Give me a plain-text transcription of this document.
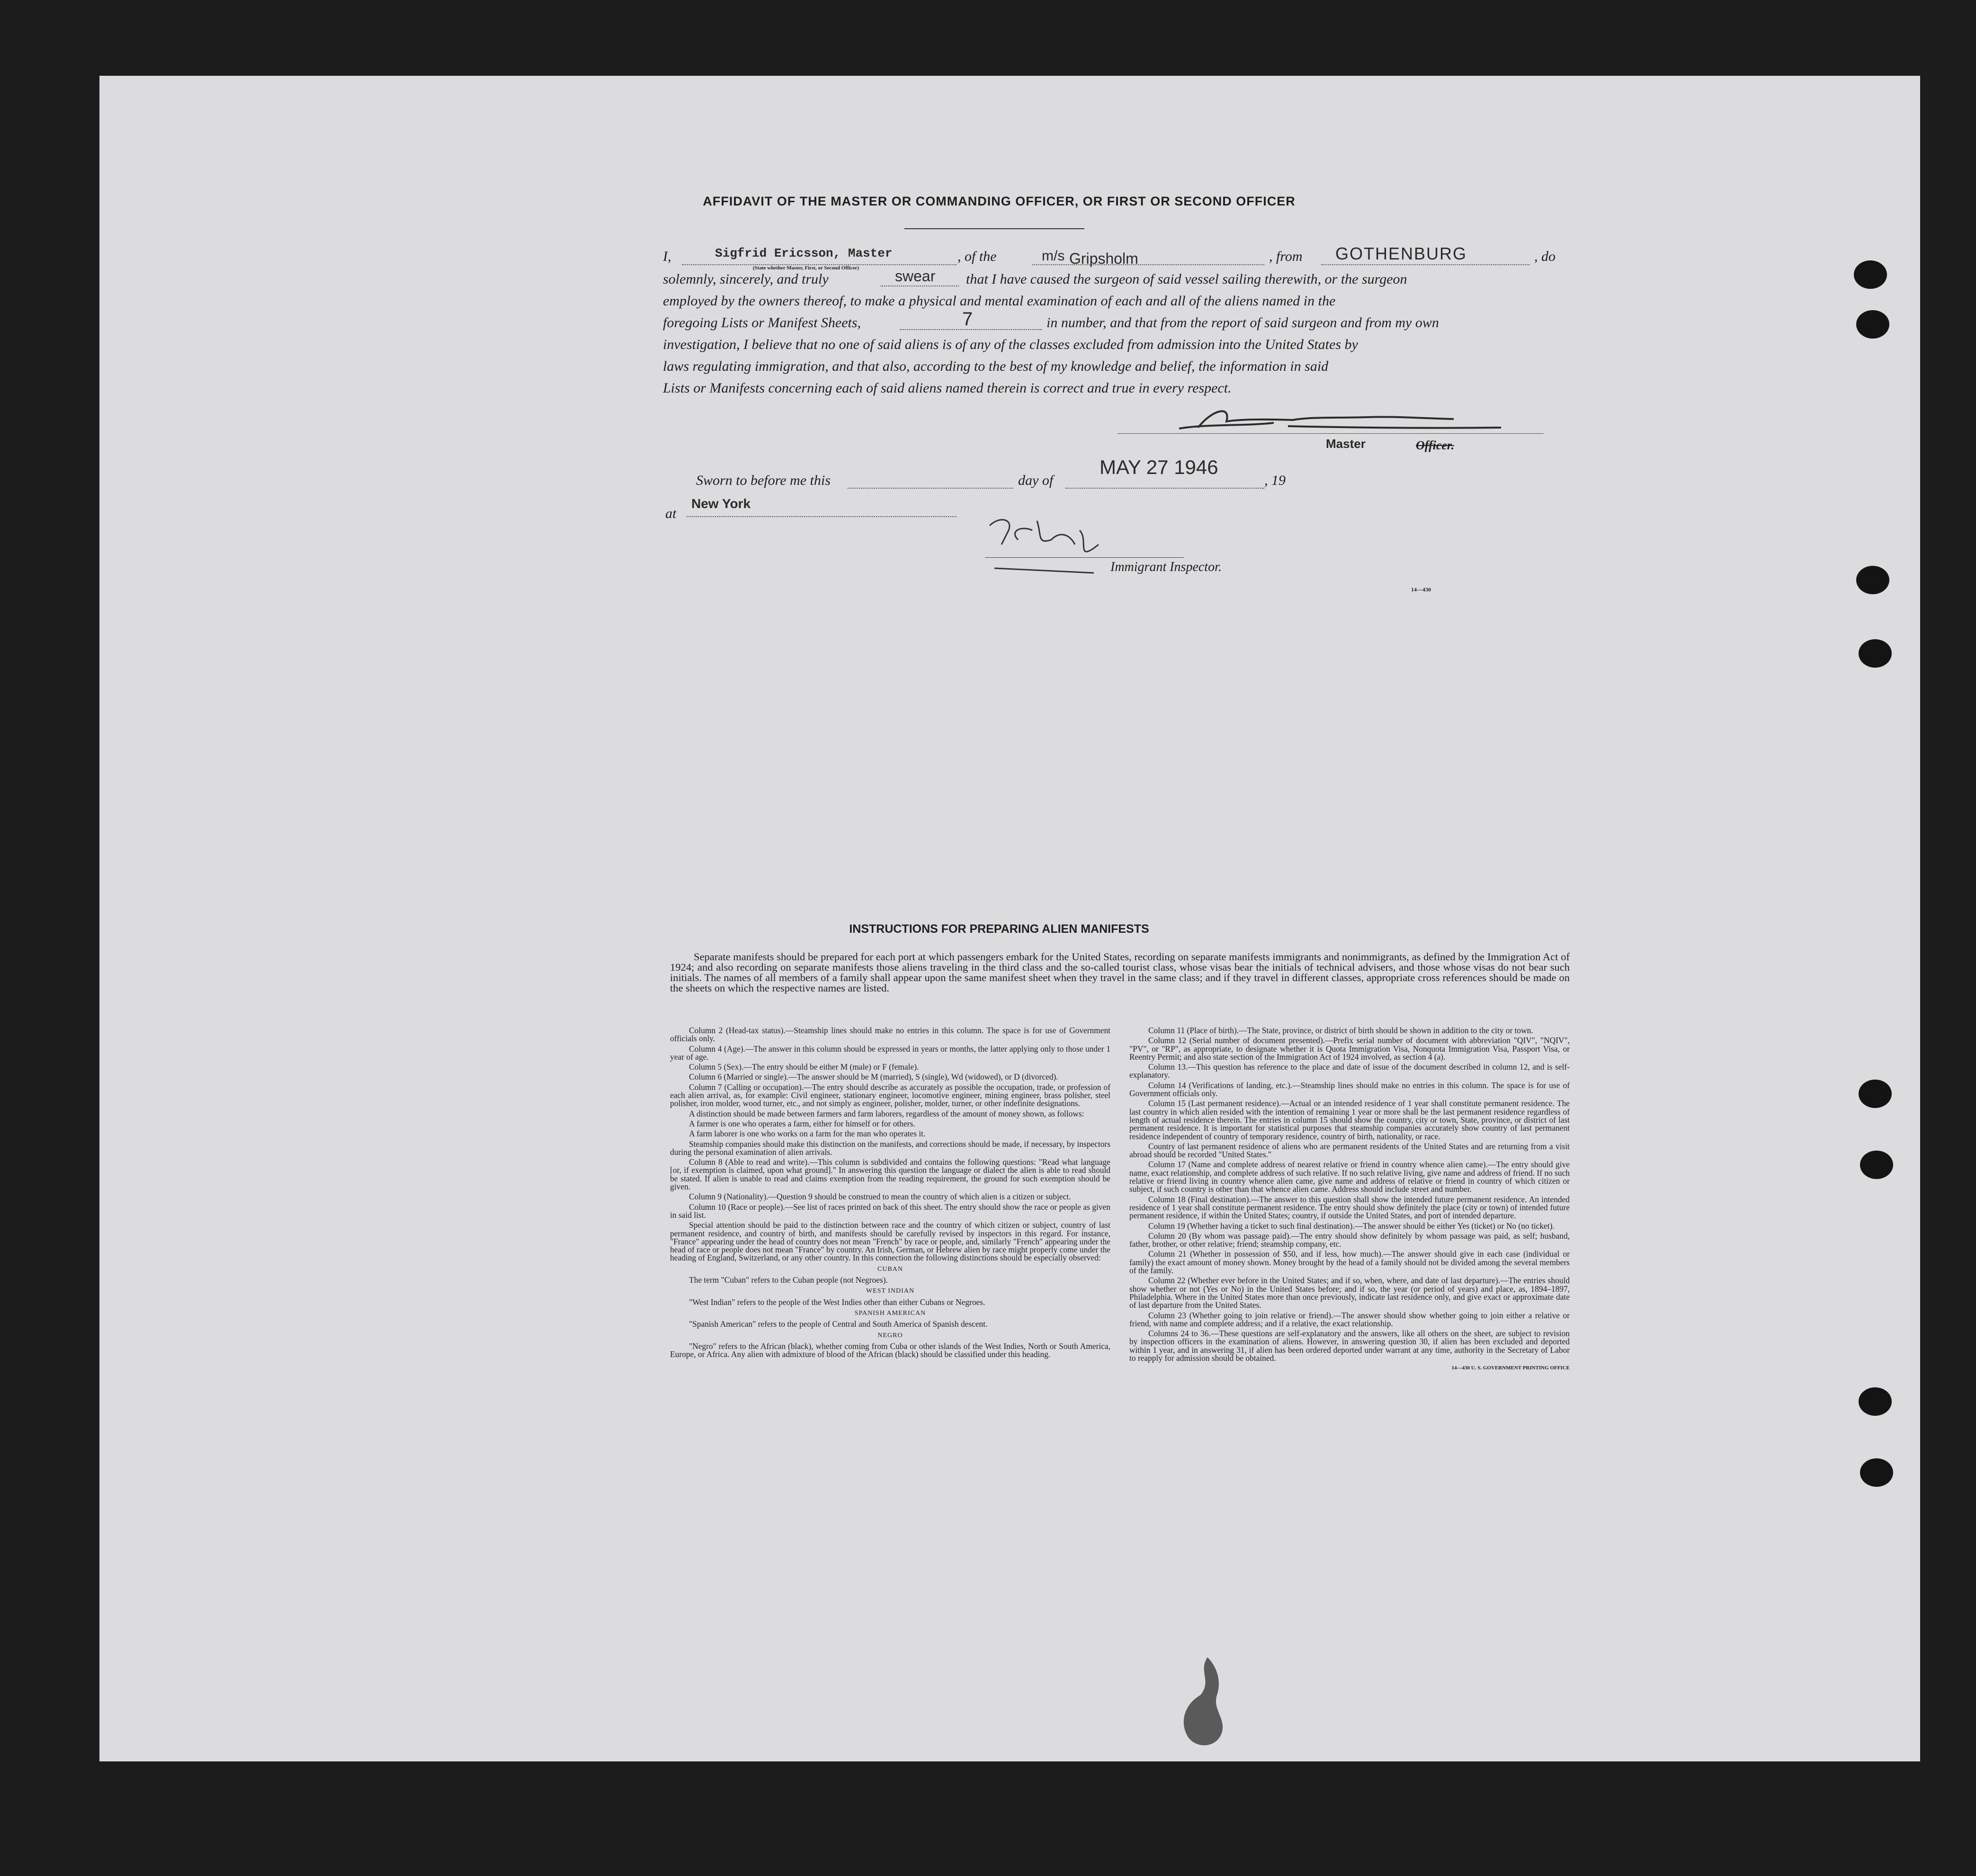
AFFIDAVIT OF THE MASTER OR COMMANDING OFFICER, OR FIRST OR SECOND OFFICER
I,	Sigfrid Ericsson, Master
(State whether Master, First, or Second Officer)
, of the	m/s Gripsholm	, from GOTHENBURG	, do
solemnly, sincerely, and truly	swear that I have caused the surgeon of said vessel sailing therewith, or the surgeon
employed by the owners thereof, to make a physical and mental examination of each and all of the aliens named in the
foregoing Lists or Manifest Sheets,	7	in number, and that from the report of said surgeon and from my own
investigation, I believe that no one of said aliens is of any of the classes excluded from admission into the United States by
laws regulating immigration, and that also, according to the best of my knowledge and belief, the information in said
Lists or Manifests concerning each of said aliens named therein is correct and true in every respect.
Master	Officer.
Sworn to before me this	day of
MAY 27 1946
, 19
at
New York
Immigrant Inspector.
14—430
INSTRUCTIONS FOR PREPARING ALIEN MANIFESTS
Separate manifests should be prepared for each port at which passengers embark for the United States, recording on separate manifests immigrants and nonimmigrants, as defined by the Immigration Act of 1924; and also recording on separate manifests those aliens traveling in the third class and the so-called tourist class, whose visas bear the initials of technical advisers, and those whose visas do not bear such initials. The names of all members of a family shall appear upon the same manifest sheet when they travel in the same class; and if they travel in different classes, appropriate cross references should be made on the sheets on which the respective names are listed.

Column 2 (Head-tax status).—Steamship lines should make no entries in this column. The space is for use of Government officials only.

Column 4 (Age).—The answer in this column should be expressed in years or months, the latter applying only to those under 1 year of age.

Column 5 (Sex).—The entry should be either M (male) or F (female).

Column 6 (Married or single).—The answer should be M (married), S (single), Wd (widowed), or D (divorced).

Column 7 (Calling or occupation).—The entry should describe as accurately as possible the occupation, trade, or profession of each alien arrival, as, for example: Civil engineer, stationary engineer, locomotive engineer, mining engineer, brass polisher, steel polisher, iron molder, wood turner, etc., and not simply as engineer, polisher, molder, turner, or other indefinite designations.

A distinction should be made between farmers and farm laborers, regardless of the amount of money shown, as follows:

A farmer is one who operates a farm, either for himself or for others.

A farm laborer is one who works on a farm for the man who operates it.

Steamship companies should make this distinction on the manifests, and corrections should be made, if necessary, by inspectors during the personal examination of alien arrivals.

Column 8 (Able to read and write).—This column is subdivided and contains the following questions: "Read what language [or, if exemption is claimed, upon what ground]." In answering this question the language or dialect the alien is able to read should be stated. If alien is unable to read and claims exemption from the reading requirement, the ground for such exemption should be given.

Column 9 (Nationality).—Question 9 should be construed to mean the country of which alien is a citizen or subject.

Column 10 (Race or people).—See list of races printed on back of this sheet. The entry should show the race or people as given in said list.

Special attention should be paid to the distinction between race and the country of which citizen or subject, country of last permanent residence, and country of birth, and manifests should be carefully revised by inspectors in this regard. For instance, "France" appearing under the head of country does not mean "French" by race or people, and, similarly "French" appearing under the head of race or people does not mean "France" by country. An Irish, German, or Hebrew alien by race might properly come under the heading of England, Switzerland, or any other country. In this connection the following distinctions should be especially observed:

CUBAN

The term "Cuban" refers to the Cuban people (not Negroes).

WEST INDIAN

"West Indian" refers to the people of the West Indies other than either Cubans or Negroes.

SPANISH AMERICAN

"Spanish American" refers to the people of Central and South America of Spanish descent.

NEGRO

"Negro" refers to the African (black), whether coming from Cuba or other islands of the West Indies, North or South America, Europe, or Africa. Any alien with admixture of blood of the African (black) should be classified under this heading.

Column 11 (Place of birth).—The State, province, or district of birth should be shown in addition to the city or town.

Column 12 (Serial number of document presented).—Prefix serial number of document with abbreviation "QIV", "NQIV", "PV", or "RP", as appropriate, to designate whether it is Quota Immigration Visa, Nonquota Immigration Visa, Passport Visa, or Reentry Permit; and also state section of the Immigration Act of 1924 involved, as section 4 (a).

Column 13.—This question has reference to the place and date of issue of the document described in column 12, and is self-explanatory.

Column 14 (Verifications of landing, etc.).—Steamship lines should make no entries in this column. The space is for use of Government officials only.

Column 15 (Last permanent residence).—Actual or an intended residence of 1 year shall constitute permanent residence. The last country in which alien resided with the intention of remaining 1 year or more shall be the last permanent residence regardless of length of actual residence therein. The entries in column 15 should show the country, city or town, State, province, or district of last permanent residence. It is important for statistical purposes that steamship companies accurately show country of last permanent residence independent of country of temporary residence, country of birth, nationality, or race.

Country of last permanent residence of aliens who are permanent residents of the United States and are returning from a visit abroad should be recorded "United States."

Column 17 (Name and complete address of nearest relative or friend in country whence alien came).—The entry should give name, exact relationship, and complete address of such relative. If no such relative living, give name and address of friend. If no such relative or friend living in country whence alien came, give name and address of relative or friend in country of which citizen or subject, if such country is other than that whence alien came. Address should include street and number.

Column 18 (Final destination).—The answer to this question shall show the intended future permanent residence. An intended residence of 1 year shall constitute permanent residence. The entry should show definitely the place (city or town) of intended future permanent residence, if within the United States; country, if outside the United States, and port of intended departure.

Column 19 (Whether having a ticket to such final destination).—The answer should be either Yes (ticket) or No (no ticket).

Column 20 (By whom was passage paid).—The entry should show definitely by whom passage was paid, as self; husband, father, brother, or other relative; friend; steamship company, etc.

Column 21 (Whether in possession of $50, and if less, how much).—The answer should give in each case (individual or family) the exact amount of money shown. Money brought by the head of a family should not be divided among the several members of the family.

Column 22 (Whether ever before in the United States; and if so, when, where, and date of last departure).—The entries should show whether or not (Yes or No) in the United States before; and if so, the year (or period of years) and place, as, 1894–1897, Philadelphia. Where in the United States more than once previously, indicate last residence only, and give exact or approximate date of last departure from the United States.

Column 23 (Whether going to join relative or friend).—The answer should show whether going to join either a relative or friend, with name and complete address; and if a relative, the exact relationship.

Columns 24 to 36.—These questions are self-explanatory and the answers, like all others on the sheet, are subject to revision by inspection officers in the examination of aliens. However, in answering question 30, if alien has been excluded and deported within 1 year, and in answering 31, if alien has been ordered deported under warrant at any time, authority in the Secretary of Labor to reapply for admission should be obtained.

14—430 U. S. GOVERNMENT PRINTING OFFICE
